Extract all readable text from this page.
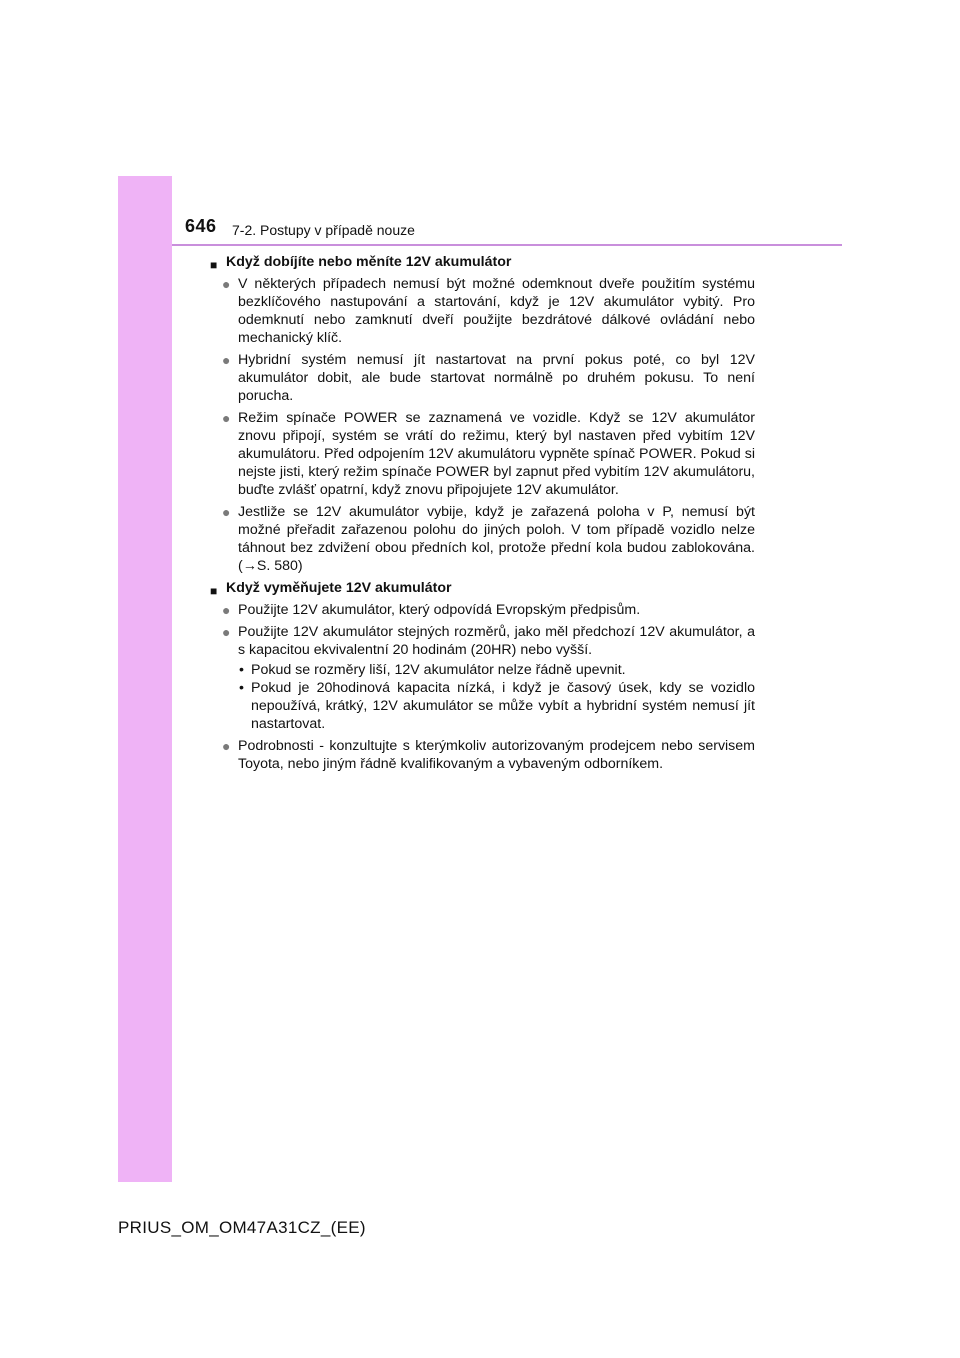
646 7-2. Postupy v případě nouze
■ Když dobíjíte nebo měníte 12V akumulátor
● V některých případech nemusí být možné odemknout dveře použitím systému bezklíčového nastupování a startování, když je 12V akumulátor vybitý. Pro odemknutí nebo zamknutí dveří použijte bezdrátové dálkové ovládání nebo mechanický klíč.
● Hybridní systém nemusí jít nastartovat na první pokus poté, co byl 12V akumulátor dobit, ale bude startovat normálně po druhém pokusu. To není porucha.
● Režim spínače POWER se zaznamená ve vozidle. Když se 12V akumulátor znovu připojí, systém se vrátí do režimu, který byl nastaven před vybitím 12V akumulátoru. Před odpojením 12V akumulátoru vypněte spínač POWER. Pokud si nejste jisti, který režim spínače POWER byl zapnut před vybitím 12V akumulátoru, buďte zvlášť opatrní, když znovu připojujete 12V akumulátor.
● Jestliže se 12V akumulátor vybije, když je zařazená poloha v P, nemusí být možné přeřadit zařazenou polohu do jiných poloh. V tom případě vozidlo nelze táhnout bez zdvižení obou předních kol, protože přední kola budou zablokována. (→S. 580)
■ Když vyměňujete 12V akumulátor
● Použijte 12V akumulátor, který odpovídá Evropským předpisům.
● Použijte 12V akumulátor stejných rozměrů, jako měl předchozí 12V akumulátor, a s kapacitou ekvivalentní 20 hodinám (20HR) nebo vyšší.
• Pokud se rozměry liší, 12V akumulátor nelze řádně upevnit.
• Pokud je 20hodinová kapacita nízká, i když je časový úsek, kdy se vozidlo nepoužívá, krátký, 12V akumulátor se může vybít a hybridní systém nemusí jít nastartovat.
● Podrobnosti - konzultujte s kterýmkoliv autorizovaným prodejcem nebo servisem Toyota, nebo jiným řádně kvalifikovaným a vybaveným odborníkem.
PRIUS_OM_OM47A31CZ_(EE)
